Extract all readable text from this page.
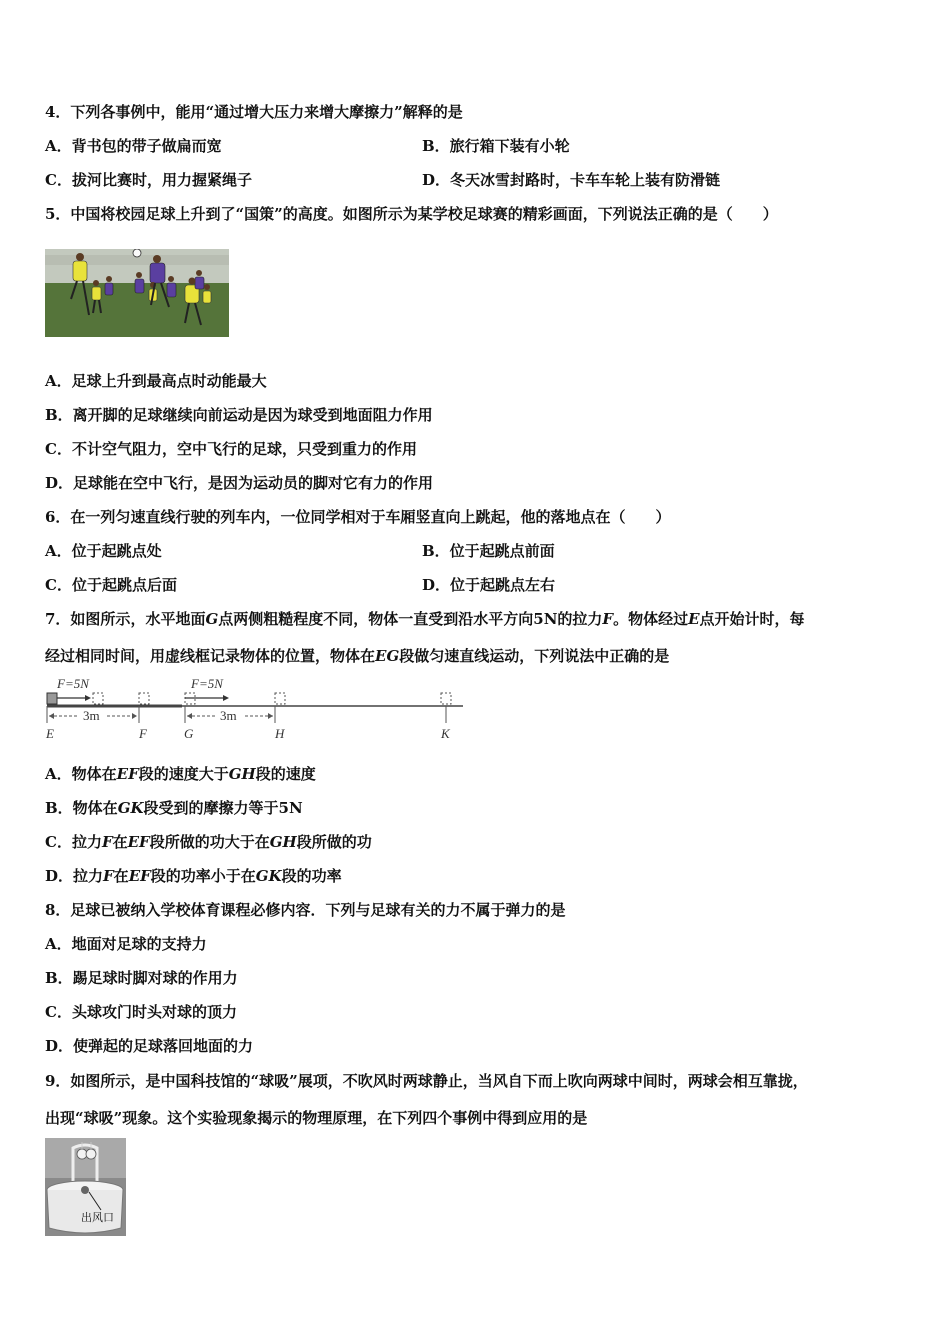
4．下列各事例中，能用“通过增大压力来增大摩擦力”解释的是
A．背书包的带子做扁而宽	B．旅行箱下装有小轮
C．拔河比赛时，用力握紧绳子	D．冬天冰雪封路时，卡车车轮上装有防滑链
5．中国将校园足球上升到了“国策”的高度。如图所示为某学校足球赛的精彩画面，下列说法正确的是（　　）
A．足球上升到最高点时动能最大
B．离开脚的足球继续向前运动是因为球受到地面阻力作用
C．不计空气阻力，空中飞行的足球，只受到重力的作用
D．足球能在空中飞行，是因为运动员的脚对它有力的作用
6．在一列匀速直线行驶的列车内，一位同学相对于车厢竖直向上跳起，他的落地点在（　　）
A．位于起跳点处	B．位于起跳点前面
C．位于起跳点后面	D．位于起跳点左右
7．如图所示，水平地面G点两侧粗糙程度不同，物体一直受到沿水平方向5N的拉力F。物体经过E点开始计时，每
经过相同时间，用虚线框记录物体的位置，物体在EG段做匀速直线运动，下列说法中正确的是
F=5N	F=5N
3m	3m
E	F	G	H	K
A．物体在EF段的速度大于GH段的速度
B．物体在GK段受到的摩擦力等于5N
C．拉力F在EF段所做的功大于在GH段所做的功
D．拉力F在EF段的功率小于在GK段的功率
8．足球已被纳入学校体育课程必修内容．下列与足球有关的力不属于弹力的是
A．地面对足球的支持力
B．踢足球时脚对球的作用力
C．头球攻门时头对球的顶力
D．使弹起的足球落回地面的力
9．如图所示，是中国科技馆的“球吸”展项，不吹风时两球静止，当风自下而上吹向两球中间时，两球会相互靠拢，
出现“球吸”现象。这个实验现象揭示的物理原理，在下列四个事例中得到应用的是
出风口
